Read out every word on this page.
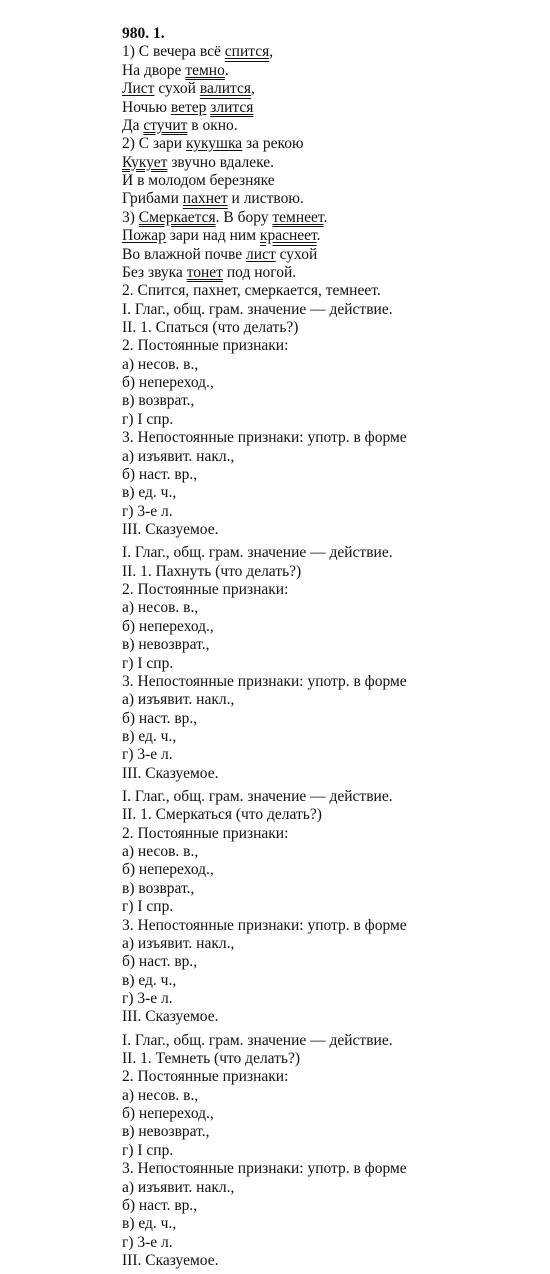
980. 1.
1) С вечера всё спится,
На дворе темно.
Лист сухой валится,
Ночью ветер злится
Да стучит в окно.
2) С зари кукушка за рекою
Кукует звучно вдалеке.
И в молодом березняке
Грибами пахнет и листвою.
3) Смеркается. В бору темнеет.
Пожар зари над ним краснеет.
Во влажной почве лист сухой
Без звука тонет под ногой.
2. Спится, пахнет, смеркается, темнеет.
I. Глаг., общ. грам. значение — действие.
II. 1. Спаться (что делать?)
2. Постоянные признаки:
а) несов. в.,
б) непереход.,
в) возврат.,
г) I спр.
3. Непостоянные признаки: употр. в форме
а) изъявит. накл.,
б) наст. вр.,
в) ед. ч.,
г) 3-е л.
III. Сказуемое.
I. Глаг., общ. грам. значение — действие.
II. 1. Пахнуть (что делать?)
2. Постоянные признаки:
а) несов. в.,
б) непереход.,
в) невозврат.,
г) I спр.
3. Непостоянные признаки: употр. в форме
а) изъявит. накл.,
б) наст. вр.,
в) ед. ч.,
г) 3-е л.
III. Сказуемое.
I. Глаг., общ. грам. значение — действие.
II. 1. Смеркаться (что делать?)
2. Постоянные признаки:
а) несов. в.,
б) непереход.,
в) возврат.,
г) I спр.
3. Непостоянные признаки: употр. в форме
а) изъявит. накл.,
б) наст. вр.,
в) ед. ч.,
г) 3-е л.
III. Сказуемое.
I. Глаг., общ. грам. значение — действие.
II. 1. Темнеть (что делать?)
2. Постоянные признаки:
а) несов. в.,
б) непереход.,
в) невозврат.,
г) I спр.
3. Непостоянные признаки: употр. в форме
а) изъявит. накл.,
б) наст. вр.,
в) ед. ч.,
г) 3-е л.
III. Сказуемое.
